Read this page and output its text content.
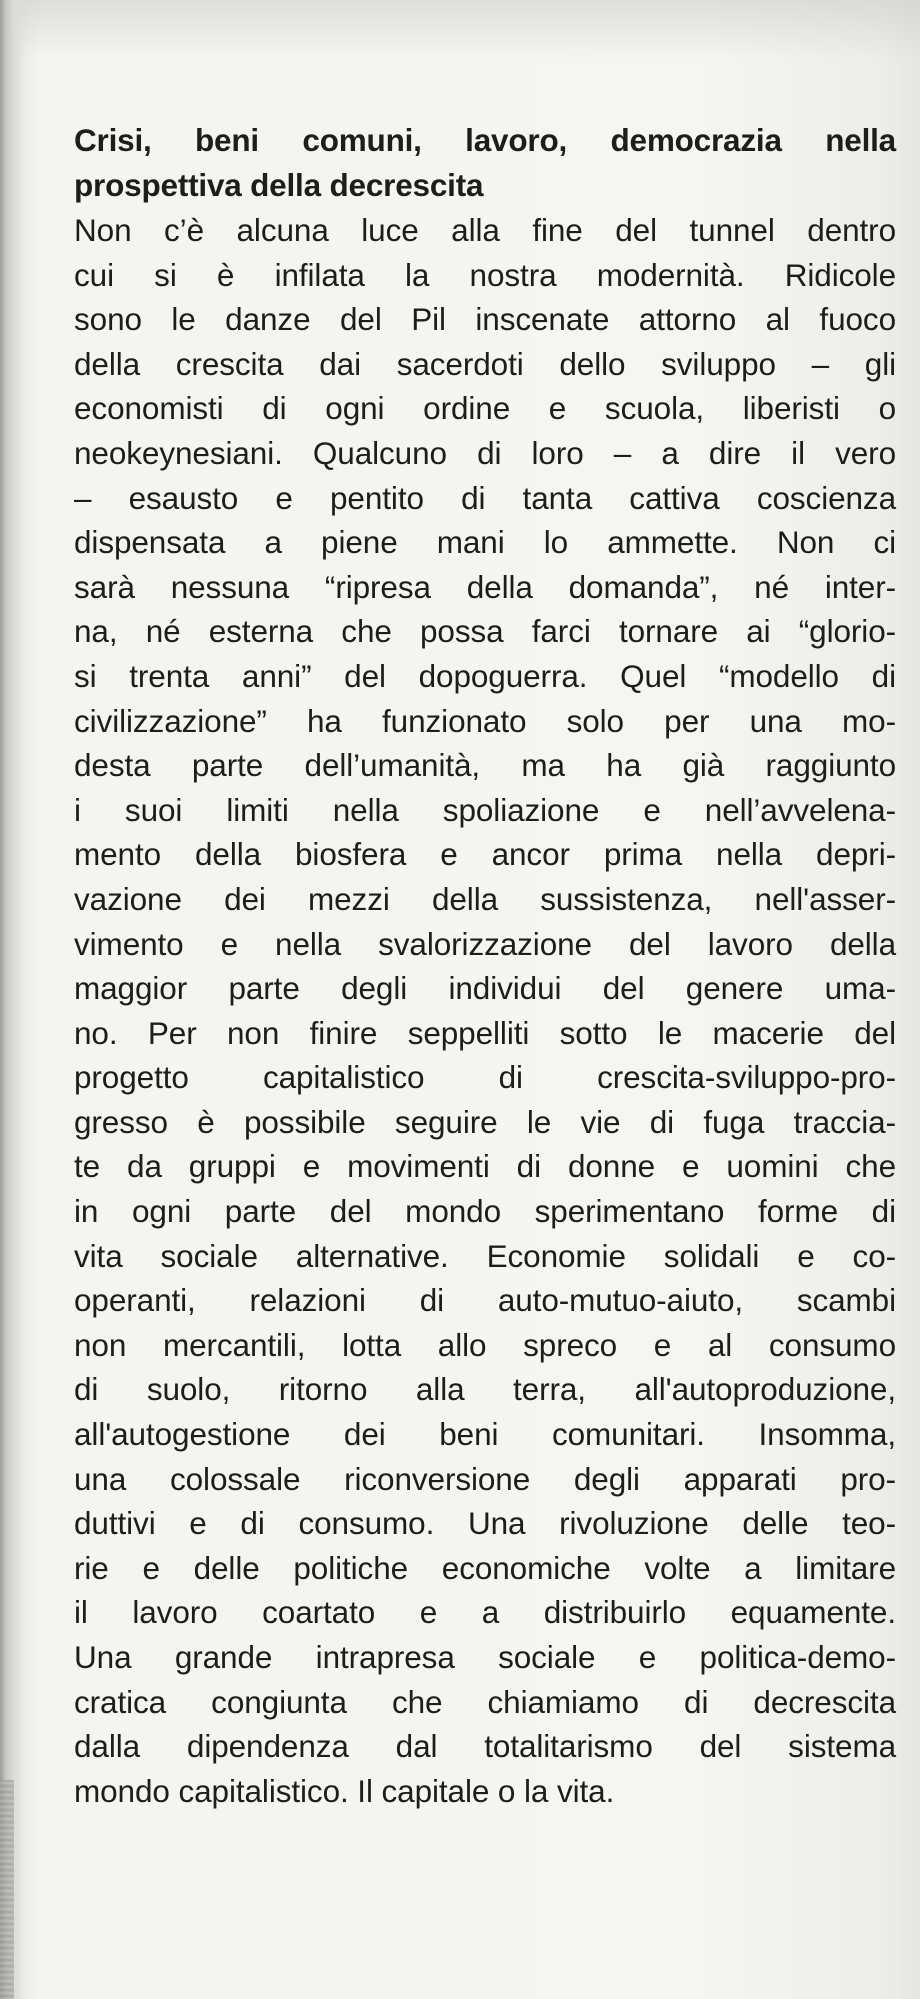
Crisi, beni comuni, lavoro, democrazia nella
prospettiva della decrescita
Non c’è alcuna luce alla fine del tunnel dentro
cui si è infilata la nostra modernità. Ridicole
sono le danze del Pil inscenate attorno al fuoco
della crescita dai sacerdoti dello sviluppo – gli
economisti di ogni ordine e scuola, liberisti o
neokeynesiani. Qualcuno di loro – a dire il vero
– esausto e pentito di tanta cattiva coscienza
dispensata a piene mani lo ammette. Non ci
sarà nessuna “ripresa della domanda”, né inter-
na, né esterna che possa farci tornare ai “glorio-
si trenta anni” del dopoguerra. Quel “modello di
civilizzazione” ha funzionato solo per una mo-
desta parte dell’umanità, ma ha già raggiunto
i suoi limiti nella spoliazione e nell’avvelena-
mento della biosfera e ancor prima nella depri-
vazione dei mezzi della sussistenza, nell'asser-
vimento e nella svalorizzazione del lavoro della
maggior parte degli individui del genere uma-
no. Per non finire seppelliti sotto le macerie del
progetto capitalistico di crescita-sviluppo-pro-
gresso è possibile seguire le vie di fuga traccia-
te da gruppi e movimenti di donne e uomini che
in ogni parte del mondo sperimentano forme di
vita sociale alternative. Economie solidali e co-
operanti, relazioni di auto-mutuo-aiuto, scambi
non mercantili, lotta allo spreco e al consumo
di suolo, ritorno alla terra, all'autoproduzione,
all'autogestione dei beni comunitari. Insomma,
una colossale riconversione degli apparati pro-
duttivi e di consumo. Una rivoluzione delle teo-
rie e delle politiche economiche volte a limitare
il lavoro coartato e a distribuirlo equamente.
Una grande intrapresa sociale e politica-demo-
cratica congiunta che chiamiamo di decrescita
dalla dipendenza dal totalitarismo del sistema
mondo capitalistico. Il capitale o la vita.
